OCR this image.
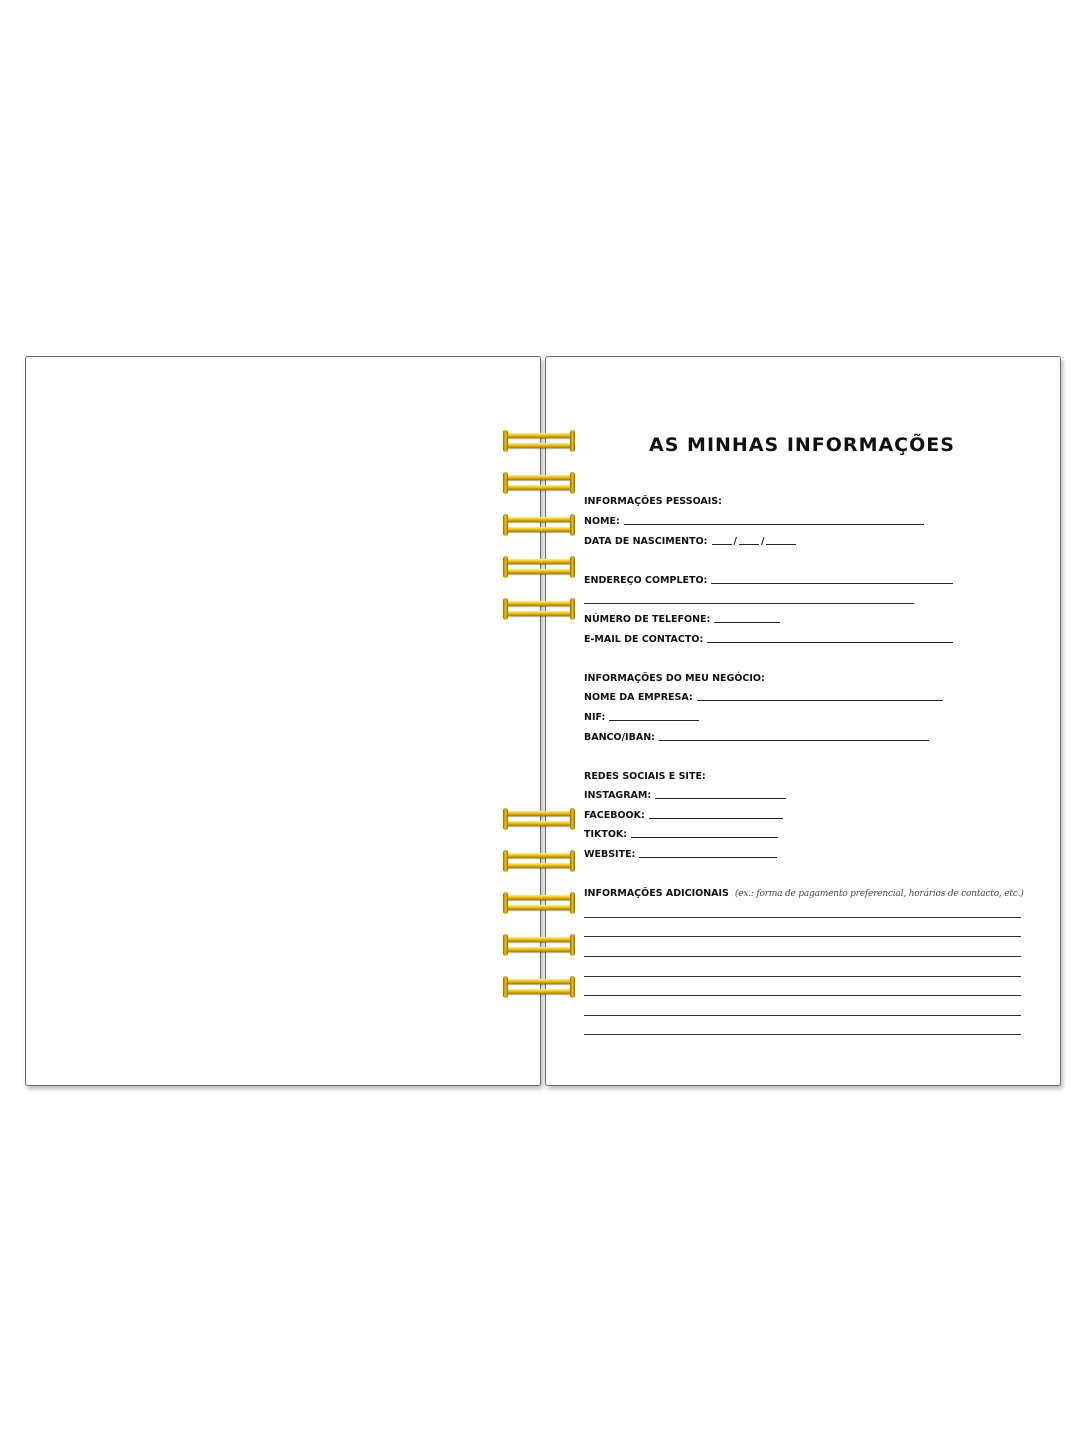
AS MINHAS INFORMAÇÕES
INFORMAÇÕES PESSOAIS:
NOME:
DATA DE NASCIMENTO:	/	/
ENDEREÇO COMPLETO:
NÚMERO DE TELEFONE:
E-MAIL DE CONTACTO:
INFORMAÇÕES DO MEU NEGÓCIO:
NOME DA EMPRESA:
NIF:
BANCO/IBAN:
REDES SOCIAIS E SITE:
INSTAGRAM:
FACEBOOK:
TIKTOK:
WEBSITE:
INFORMAÇÕES ADICIONAIS (ex.: forma de pagamento preferencial, horários de contacto, etc.)
